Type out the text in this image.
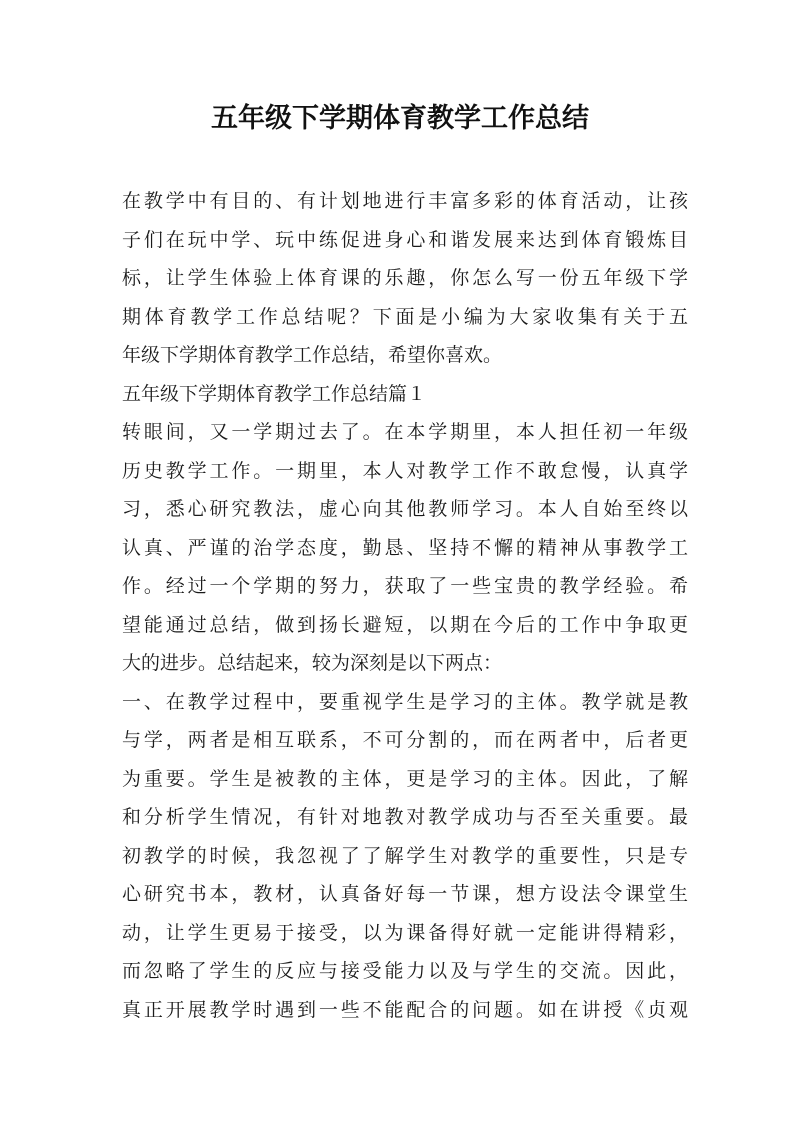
五年级下学期体育教学工作总结
在教学中有目的、有计划地进行丰富多彩的体育活动，让孩
子们在玩中学、玩中练促进身心和谐发展来达到体育锻炼目
标，让学生体验上体育课的乐趣，你怎么写一份五年级下学
期体育教学工作总结呢？下面是小编为大家收集有关于五
年级下学期体育教学工作总结，希望你喜欢。
五年级下学期体育教学工作总结篇１
转眼间，又一学期过去了。在本学期里，本人担任初一年级
历史教学工作。一期里，本人对教学工作不敢怠慢，认真学
习，悉心研究教法，虚心向其他教师学习。本人自始至终以
认真、严谨的治学态度，勤恳、坚持不懈的精神从事教学工
作。经过一个学期的努力，获取了一些宝贵的教学经验。希
望能通过总结，做到扬长避短，以期在今后的工作中争取更
大的进步。总结起来，较为深刻是以下两点：
一、在教学过程中，要重视学生是学习的主体。教学就是教
与学，两者是相互联系，不可分割的，而在两者中，后者更
为重要。学生是被教的主体，更是学习的主体。因此，了解
和分析学生情况，有针对地教对教学成功与否至关重要。最
初教学的时候，我忽视了了解学生对教学的重要性，只是专
心研究书本，教材，认真备好每一节课，想方设法令课堂生
动，让学生更易于接受，以为课备得好就一定能讲得精彩，
而忽略了学生的反应与接受能力以及与学生的交流。因此，
真正开展教学时遇到一些不能配合的问题。如在讲授《贞观
